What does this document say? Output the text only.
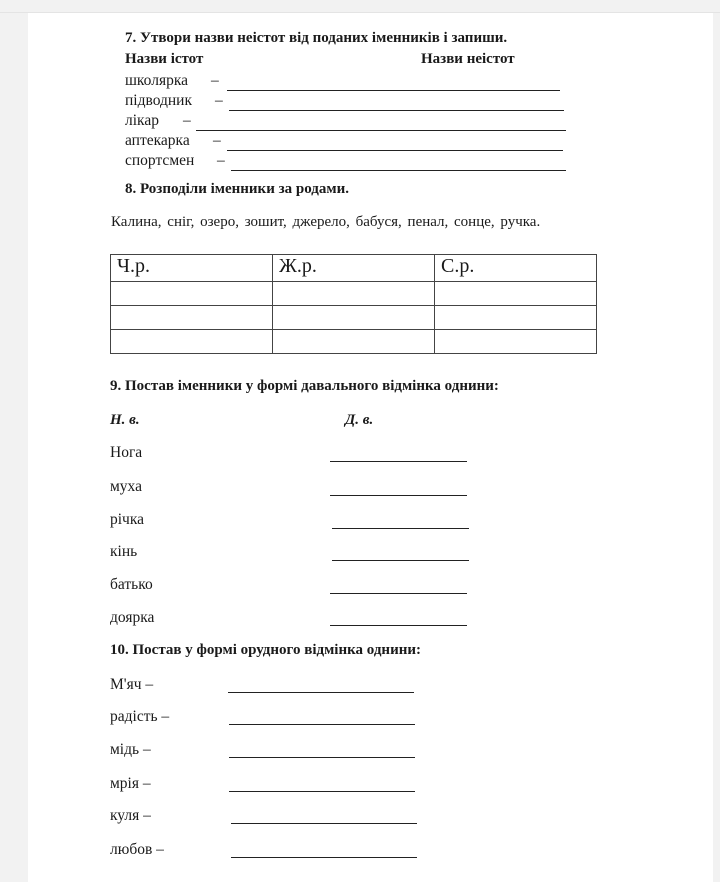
7. Утвори назви неістот від поданих іменників і запиши.
Назви істот	Назви неістот
школярка –
підводник –
лікар –
аптекарка –
спортсмен –
8. Розподіли іменники за родами.
Калина, сніг, озеро, зошит, джерело, бабуся, пенал, сонце, ручка.
Ч.р.	Ж.р.	С.р.

9. Постав іменники у формі давального відмінка однини:
Н. в.	Д. в.
Нога
муха
річка
кінь
батько
доярка
10. Постав у формі орудного відмінка однини:
М'яч –
радість –
мідь –
мрія –
куля –
любов –
